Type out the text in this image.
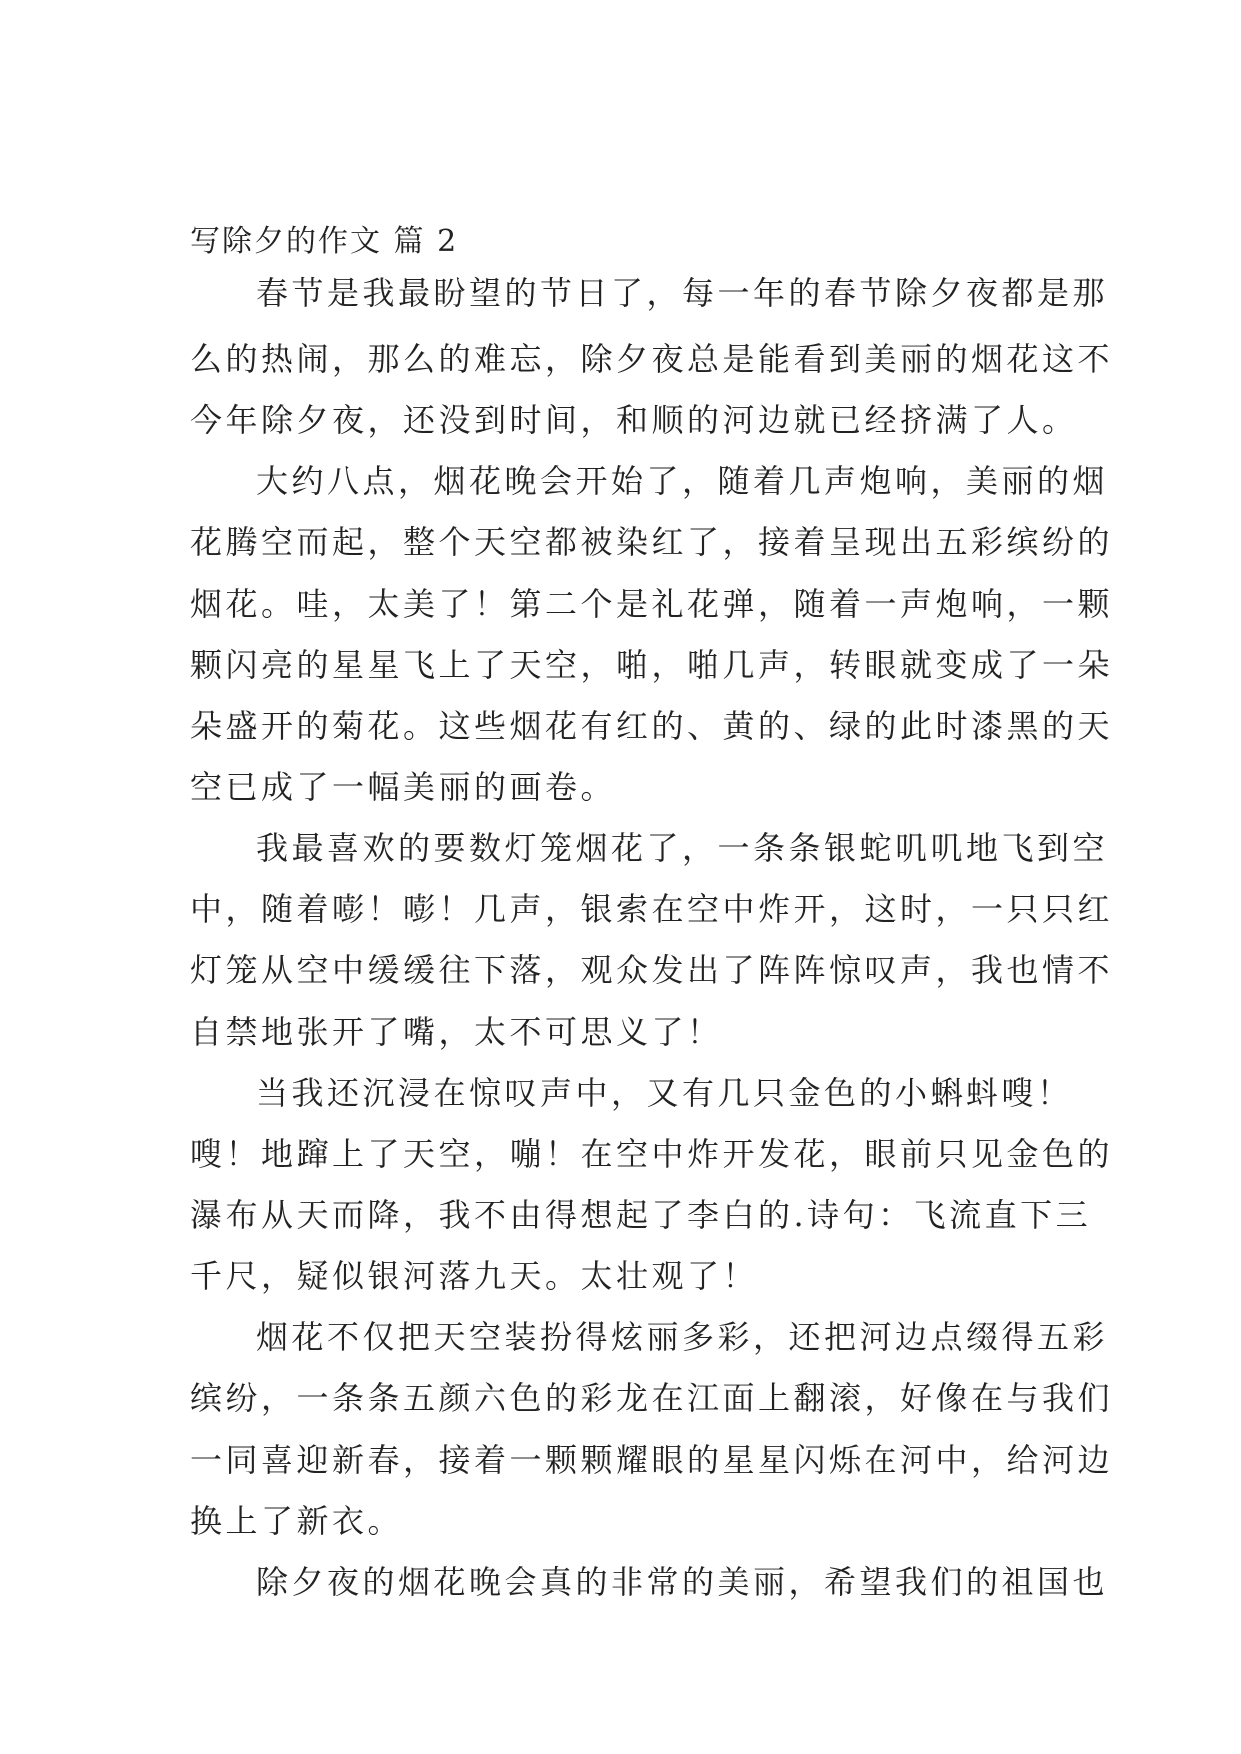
写除夕的作文 篇 2
春节是我最盼望的节日了，每一年的春节除夕夜都是那
么的热闹，那么的难忘，除夕夜总是能看到美丽的烟花这不
今年除夕夜，还没到时间，和顺的河边就已经挤满了人。
大约八点，烟花晚会开始了，随着几声炮响，美丽的烟
花腾空而起，整个天空都被染红了，接着呈现出五彩缤纷的
烟花。哇，太美了！第二个是礼花弹，随着一声炮响，一颗
颗闪亮的星星飞上了天空，啪，啪几声，转眼就变成了一朵
朵盛开的菊花。这些烟花有红的、黄的、绿的此时漆黑的天
空已成了一幅美丽的画卷。
我最喜欢的要数灯笼烟花了，一条条银蛇叽叽地飞到空
中，随着嘭！嘭！几声，银索在空中炸开，这时，一只只红
灯笼从空中缓缓往下落，观众发出了阵阵惊叹声，我也情不
自禁地张开了嘴，太不可思义了！
当我还沉浸在惊叹声中，又有几只金色的小蝌蚪嗖！
嗖！地蹿上了天空，嘣！在空中炸开发花，眼前只见金色的
瀑布从天而降，我不由得想起了李白的.诗句：飞流直下三
千尺，疑似银河落九天。太壮观了！
烟花不仅把天空装扮得炫丽多彩，还把河边点缀得五彩
缤纷，一条条五颜六色的彩龙在江面上翻滚，好像在与我们
一同喜迎新春，接着一颗颗耀眼的星星闪烁在河中，给河边
换上了新衣。
除夕夜的烟花晚会真的非常的美丽，希望我们的祖国也
